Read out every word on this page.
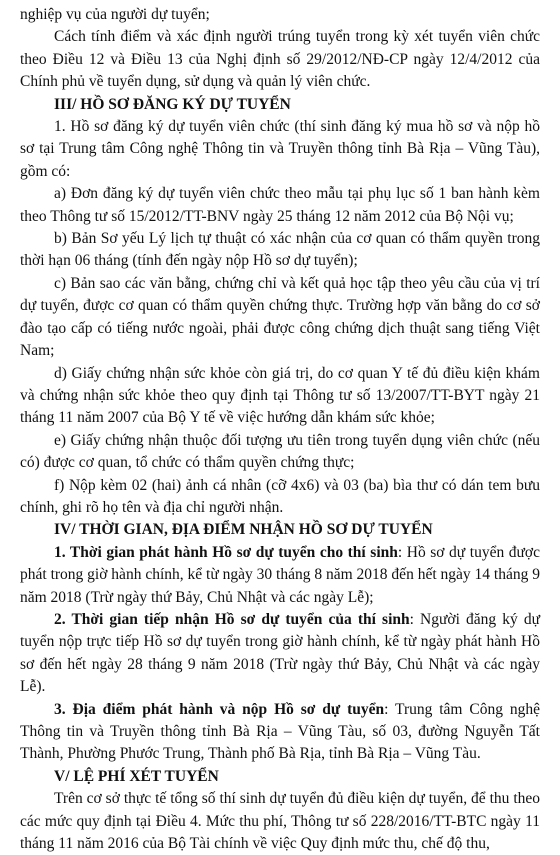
nghiệp vụ của người dự tuyển;

Cách tính điểm và xác định người trúng tuyển trong kỳ xét tuyển viên chức theo Điều 12 và Điều 13 của Nghị định số 29/2012/NĐ-CP ngày 12/4/2012 của Chính phủ về tuyển dụng, sử dụng và quản lý viên chức.

III/ HỒ SƠ ĐĂNG KÝ DỰ TUYỂN

1. Hồ sơ đăng ký dự tuyển viên chức (thí sinh đăng ký mua hồ sơ và nộp hồ sơ tại Trung tâm Công nghệ Thông tin và Truyền thông tỉnh Bà Rịa – Vũng Tàu), gồm có:

a) Đơn đăng ký dự tuyển viên chức theo mẫu tại phụ lục số 1 ban hành kèm theo Thông tư số 15/2012/TT-BNV ngày 25 tháng 12 năm 2012 của Bộ Nội vụ;

b) Bản Sơ yếu Lý lịch tự thuật có xác nhận của cơ quan có thẩm quyền trong thời hạn 06 tháng (tính đến ngày nộp Hồ sơ dự tuyển);

c) Bản sao các văn bằng, chứng chỉ và kết quả học tập theo yêu cầu của vị trí dự tuyển, được cơ quan có thẩm quyền chứng thực. Trường hợp văn bằng do cơ sở đào tạo cấp có tiếng nước ngoài, phải được công chứng dịch thuật sang tiếng Việt Nam;

d) Giấy chứng nhận sức khỏe còn giá trị, do cơ quan Y tế đủ điều kiện khám và chứng nhận sức khỏe theo quy định tại Thông tư số 13/2007/TT-BYT ngày 21 tháng 11 năm 2007 của Bộ Y tế về việc hướng dẫn khám sức khỏe;

e) Giấy chứng nhận thuộc đối tượng ưu tiên trong tuyển dụng viên chức (nếu có) được cơ quan, tổ chức có thẩm quyền chứng thực;

f) Nộp kèm 02 (hai) ảnh cá nhân (cỡ 4x6) và 03 (ba) bìa thư có dán tem bưu chính, ghi rõ họ tên và địa chỉ người nhận.

IV/ THỜI GIAN, ĐỊA ĐIỂM NHẬN HỒ SƠ DỰ TUYỂN

1. Thời gian phát hành Hồ sơ dự tuyển cho thí sinh: Hồ sơ dự tuyển được phát trong giờ hành chính, kể từ ngày 30 tháng 8 năm 2018 đến hết ngày 14 tháng 9 năm 2018 (Trừ ngày thứ Bảy, Chủ Nhật và các ngày Lễ);

2. Thời gian tiếp nhận Hồ sơ dự tuyển của thí sinh: Người đăng ký dự tuyển nộp trực tiếp Hồ sơ dự tuyển trong giờ hành chính, kể từ ngày phát hành Hồ sơ đến hết ngày 28 tháng 9 năm 2018 (Trừ ngày thứ Bảy, Chủ Nhật và các ngày Lễ).

3. Địa điểm phát hành và nộp Hồ sơ dự tuyển: Trung tâm Công nghệ Thông tin và Truyền thông tỉnh Bà Rịa – Vũng Tàu, số 03, đường Nguyễn Tất Thành, Phường Phước Trung, Thành phố Bà Rịa, tỉnh Bà Rịa – Vũng Tàu.

V/ LỆ PHÍ XÉT TUYỂN

Trên cơ sở thực tế tổng số thí sinh dự tuyển đủ điều kiện dự tuyển, để thu theo các mức quy định tại Điều 4. Mức thu phí, Thông tư số 228/2016/TT-BTC ngày 11 tháng 11 năm 2016 của Bộ Tài chính về việc Quy định mức thu, chế độ thu,
